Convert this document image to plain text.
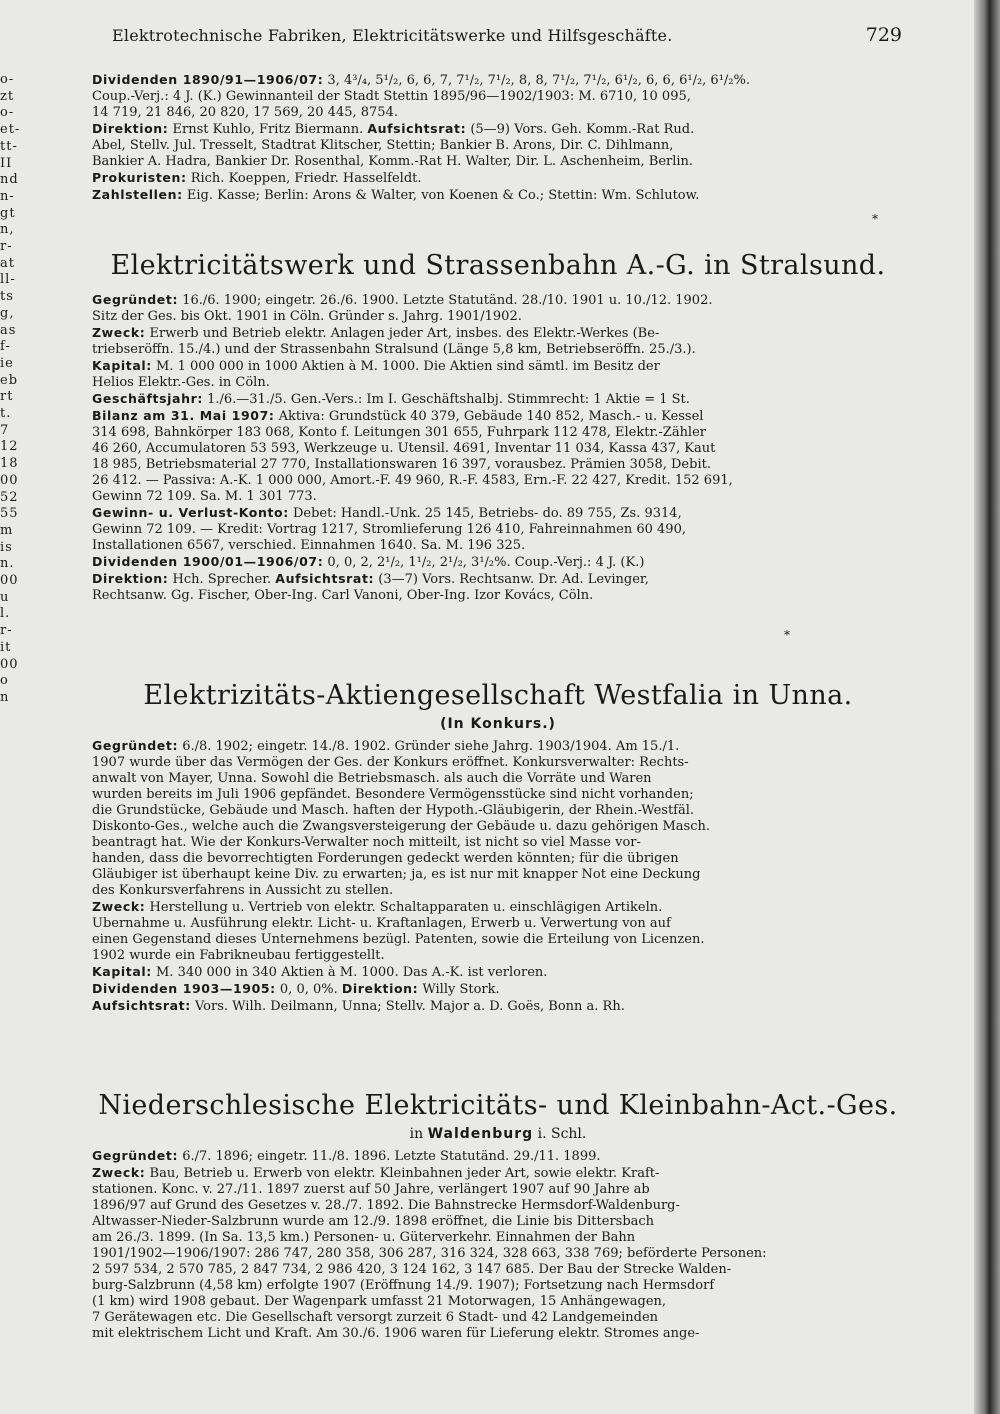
o-
zt
o-
et-
tt-
II
nd
n-
gt
n,
r-
at
ll-
ts
g,
as
f-
ie
eb
rt
t.
7
12
18
00
52
55
m
is
n.
00
u
l.
r-
it
00
o
n
Elektrotechnische Fabriken, Elektricitätswerke und Hilfsgeschäfte.	729
Dividenden 1890/91—1906/07: 3, 4³/₄, 5¹/₂, 6, 6, 7, 7¹/₂, 7¹/₂, 8, 8, 7¹/₂, 7¹/₂, 6¹/₂, 6, 6, 6¹/₂, 6¹/₂%.
Coup.-Verj.: 4 J. (K.) Gewinnanteil der Stadt Stettin 1895/96—1902/1903: M. 6710, 10 095,
14 719, 21 846, 20 820, 17 569, 20 445, 8754.
Direktion: Ernst Kuhlo, Fritz Biermann. Aufsichtsrat: (5—9) Vors. Geh. Komm.-Rat Rud.
Abel, Stellv. Jul. Tresselt, Stadtrat Klitscher, Stettin; Bankier B. Arons, Dir. C. Dihlmann,
Bankier A. Hadra, Bankier Dr. Rosenthal, Komm.-Rat H. Walter, Dir. L. Aschenheim, Berlin.
Prokuristen: Rich. Koeppen, Friedr. Hasselfeldt.
Zahlstellen: Eig. Kasse; Berlin: Arons & Walter, von Koenen & Co.; Stettin: Wm. Schlutow.
*
Elektricitätswerk und Strassenbahn A.-G. in Stralsund.
Gegründet: 16./6. 1900; eingetr. 26./6. 1900. Letzte Statutänd. 28./10. 1901 u. 10./12. 1902.
Sitz der Ges. bis Okt. 1901 in Cöln. Gründer s. Jahrg. 1901/1902.
Zweck: Erwerb und Betrieb elektr. Anlagen jeder Art, insbes. des Elektr.-Werkes (Be-
triebseröffn. 15./4.) und der Strassenbahn Stralsund (Länge 5,8 km, Betriebseröffn. 25./3.).
Kapital: M. 1 000 000 in 1000 Aktien à M. 1000. Die Aktien sind sämtl. im Besitz der
Helios Elektr.-Ges. in Cöln.
Geschäftsjahr: 1./6.—31./5. Gen.-Vers.: Im I. Geschäftshalbj. Stimmrecht: 1 Aktie = 1 St.
Bilanz am 31. Mai 1907: Aktiva: Grundstück 40 379, Gebäude 140 852, Masch.- u. Kessel
314 698, Bahnkörper 183 068, Konto f. Leitungen 301 655, Fuhrpark 112 478, Elektr.-Zähler
46 260, Accumulatoren 53 593, Werkzeuge u. Utensil. 4691, Inventar 11 034, Kassa 437, Kaut
18 985, Betriebsmaterial 27 770, Installationswaren 16 397, vorausbez. Prämien 3058, Debit.
26 412. — Passiva: A.-K. 1 000 000, Amort.-F. 49 960, R.-F. 4583, Ern.-F. 22 427, Kredit. 152 691,
Gewinn 72 109. Sa. M. 1 301 773.
Gewinn- u. Verlust-Konto: Debet: Handl.-Unk. 25 145, Betriebs- do. 89 755, Zs. 9314,
Gewinn 72 109. — Kredit: Vortrag 1217, Stromlieferung 126 410, Fahreinnahmen 60 490,
Installationen 6567, verschied. Einnahmen 1640. Sa. M. 196 325.
Dividenden 1900/01—1906/07: 0, 0, 2, 2¹/₂, 1¹/₂, 2¹/₂, 3¹/₂%. Coup.-Verj.: 4 J. (K.)
Direktion: Hch. Sprecher. Aufsichtsrat: (3—7) Vors. Rechtsanw. Dr. Ad. Levinger,
Rechtsanw. Gg. Fischer, Ober-Ing. Carl Vanoni, Ober-Ing. Izor Kovács, Cöln.
*
Elektrizitäts-Aktiengesellschaft Westfalia in Unna.
(In Konkurs.)
Gegründet: 6./8. 1902; eingetr. 14./8. 1902. Gründer siehe Jahrg. 1903/1904. Am 15./1.
1907 wurde über das Vermögen der Ges. der Konkurs eröffnet. Konkursverwalter: Rechts-
anwalt von Mayer, Unna. Sowohl die Betriebsmasch. als auch die Vorräte und Waren
wurden bereits im Juli 1906 gepfändet. Besondere Vermögensstücke sind nicht vorhanden;
die Grundstücke, Gebäude und Masch. haften der Hypoth.-Gläubigerin, der Rhein.-Westfäl.
Diskonto-Ges., welche auch die Zwangsversteigerung der Gebäude u. dazu gehörigen Masch.
beantragt hat. Wie der Konkurs-Verwalter noch mitteilt, ist nicht so viel Masse vor-
handen, dass die bevorrechtigten Forderungen gedeckt werden könnten; für die übrigen
Gläubiger ist überhaupt keine Div. zu erwarten; ja, es ist nur mit knapper Not eine Deckung
des Konkursverfahrens in Aussicht zu stellen.
Zweck: Herstellung u. Vertrieb von elektr. Schaltapparaten u. einschlägigen Artikeln.
Übernahme u. Ausführung elektr. Licht- u. Kraftanlagen, Erwerb u. Verwertung von auf
einen Gegenstand dieses Unternehmens bezügl. Patenten, sowie die Erteilung von Licenzen.
1902 wurde ein Fabrikneubau fertiggestellt.
Kapital: M. 340 000 in 340 Aktien à M. 1000. Das A.-K. ist verloren.
Dividenden 1903—1905: 0, 0, 0%. Direktion: Willy Stork.
Aufsichtsrat: Vors. Wilh. Deilmann, Unna; Stellv. Major a. D. Goës, Bonn a. Rh.
Niederschlesische Elektricitäts- und Kleinbahn-Act.-Ges.
in Waldenburg i. Schl.
Gegründet: 6./7. 1896; eingetr. 11./8. 1896. Letzte Statutänd. 29./11. 1899.
Zweck: Bau, Betrieb u. Erwerb von elektr. Kleinbahnen jeder Art, sowie elektr. Kraft-
stationen. Konc. v. 27./11. 1897 zuerst auf 50 Jahre, verlängert 1907 auf 90 Jahre ab
1896/97 auf Grund des Gesetzes v. 28./7. 1892. Die Bahnstrecke Hermsdorf-Waldenburg-
Altwasser-Nieder-Salzbrunn wurde am 12./9. 1898 eröffnet, die Linie bis Dittersbach
am 26./3. 1899. (In Sa. 13,5 km.) Personen- u. Güterverkehr. Einnahmen der Bahn
1901/1902—1906/1907: 286 747, 280 358, 306 287, 316 324, 328 663, 338 769; beförderte Personen:
2 597 534, 2 570 785, 2 847 734, 2 986 420, 3 124 162, 3 147 685. Der Bau der Strecke Walden-
burg-Salzbrunn (4,58 km) erfolgte 1907 (Eröffnung 14./9. 1907); Fortsetzung nach Hermsdorf
(1 km) wird 1908 gebaut. Der Wagenpark umfasst 21 Motorwagen, 15 Anhängewagen,
7 Gerätewagen etc. Die Gesellschaft versorgt zurzeit 6 Stadt- und 42 Landgemeinden
mit elektrischem Licht und Kraft. Am 30./6. 1906 waren für Lieferung elektr. Stromes ange-
